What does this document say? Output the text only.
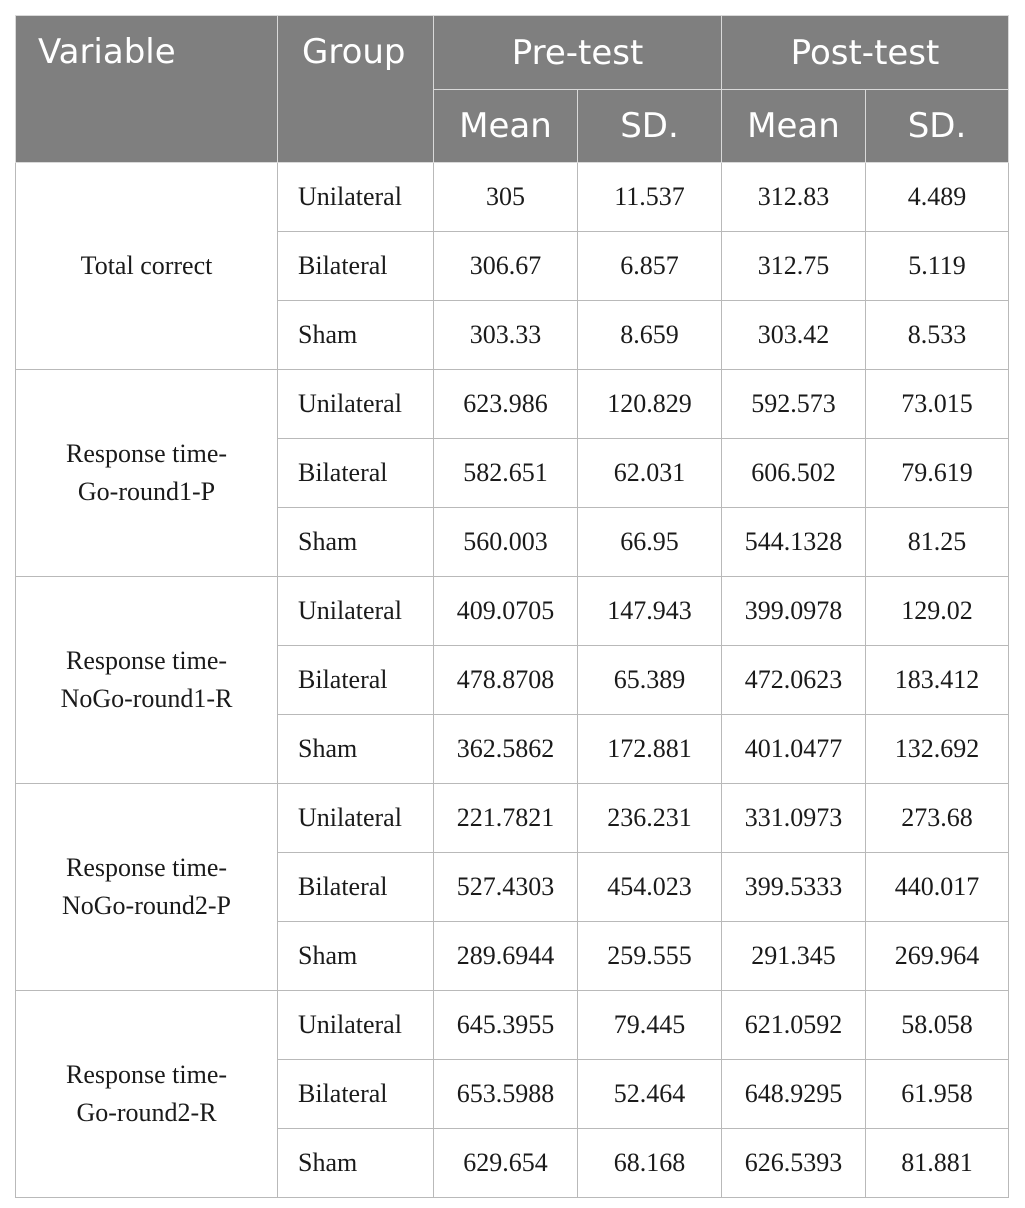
Variable	Group	Pre-test		Post-test	
		Mean	SD.	Mean	SD.
Total correct	Unilateral	305	11.537	312.83	4.489
	Bilateral	306.67	6.857	312.75	5.119
	Sham	303.33	8.659	303.42	8.533
Response time-
Go-round1-P	Unilateral	623.986	120.829	592.573	73.015
	Bilateral	582.651	62.031	606.502	79.619
	Sham	560.003	66.95	544.1328	81.25
Response time-
NoGo-round1-R	Unilateral	409.0705	147.943	399.0978	129.02
	Bilateral	478.8708	65.389	472.0623	183.412
	Sham	362.5862	172.881	401.0477	132.692
Response time-
NoGo-round2-P	Unilateral	221.7821	236.231	331.0973	273.68
	Bilateral	527.4303	454.023	399.5333	440.017
	Sham	289.6944	259.555	291.345	269.964
Response time-
Go-round2-R	Unilateral	645.3955	79.445	621.0592	58.058
	Bilateral	653.5988	52.464	648.9295	61.958
	Sham	629.654	68.168	626.5393	81.881
